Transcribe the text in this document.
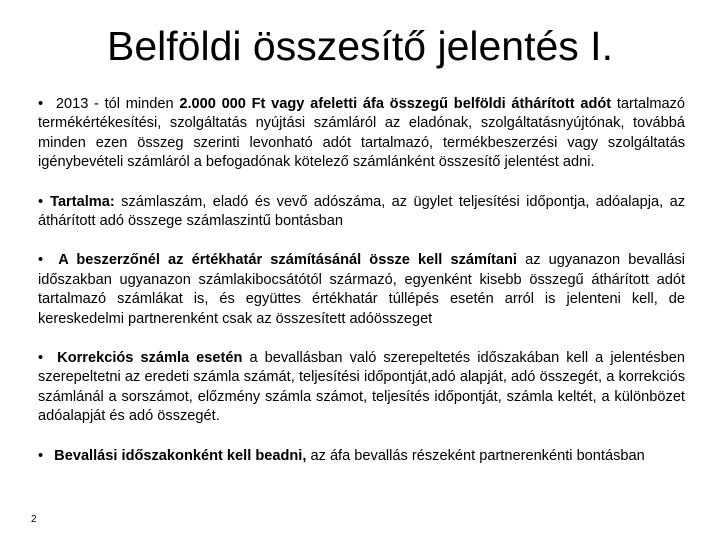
Belföldi összesítő jelentés I.

• 2013 - tól minden 2.000 000 Ft vagy afeletti áfa összegű belföldi áthárított adót tartalmazó termékértékesítési, szolgáltatás nyújtási számláról az eladónak, szolgáltatásnyújtónak, továbbá minden ezen összeg szerinti levonható adót tartalmazó, termékbeszerzési vagy szolgáltatás igénybevételi számláról a befogadónak kötelező számlánként összesítő jelentést adni.

• Tartalma: számlaszám, eladó és vevő adószáma, az ügylet teljesítési időpontja, adóalapja, az áthárított adó összege számlaszintű bontásban

• A beszerzőnél az értékhatár számításánál össze kell számítani az ugyanazon bevallási időszakban ugyanazon számlakibocsátótól származó, egyenként kisebb összegű áthárított adót tartalmazó számlákat is, és együttes értékhatár túllépés esetén arról is jelenteni kell, de kereskedelmi partnerenként csak az összesített adóösszeget

• Korrekciós számla esetén a bevallásban való szerepeltetés időszakában kell a jelentésben szerepeltetni az eredeti számla számát, teljesítési időpontját,adó alapját, adó összegét, a korrekciós számlánál a sorszámot, előzmény számla számot, teljesítés időpontját, számla keltét, a különbözet adóalapját és adó összegét.

• Bevallási időszakonként kell beadni, az áfa bevallás részeként partnerenkénti bontásban

2
